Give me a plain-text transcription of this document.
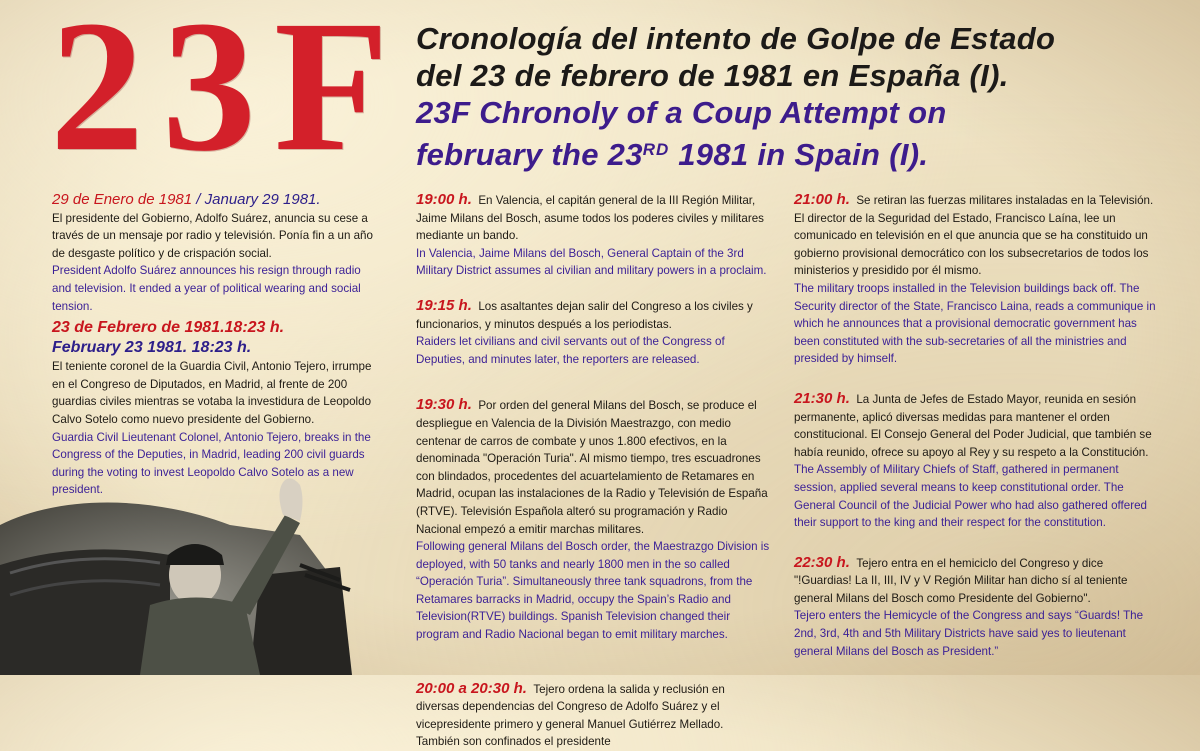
23F Cronología del intento de Golpe de Estado
del 23 de febrero de 1981 en España (I).
23F Chronoly of a Coup Attempt on
february the 23RD 1981 in Spain (I).

29 de Enero de 1981 / January 29 1981.

El presidente del Gobierno, Adolfo Suárez, anuncia su cese a través de un mensaje por radio y televisión. Ponía fin a un año de desgaste político y de crispación social.

President Adolfo Suárez announces his resign through radio and television. It ended a year of political wearing and social tension.

23 de Febrero de 1981.18:23 h.

February 23 1981. 18:23 h.

El teniente coronel de la Guardia Civil, Antonio Tejero, irrumpe en el Congreso de Diputados, en Madrid, al frente de 200 guardias civiles mientras se votaba la investidura de Leopoldo Calvo Sotelo como nuevo presidente del Gobierno.

Guardia Civil Lieutenant Colonel, Antonio Tejero, breaks in the Congress of the Deputies, in Madrid, leading 200 civil guards during the voting to invest Leopoldo Calvo Sotelo as a new president.

19:00 h. En Valencia, el capitán general de la III Región Militar, Jaime Milans del Bosch, asume todos los poderes civiles y militares mediante un bando.

In Valencia, Jaime Milans del Bosch, General Captain of the 3rd Military District assumes al civilian and military powers in a proclaim.

19:15 h. Los asaltantes dejan salir del Congreso a los civiles y funcionarios, y minutos después a los periodistas.

Raiders let civilians and civil servants out of the Congress of Deputies, and minutes later, the reporters are released.

19:30 h. Por orden del general Milans del Bosch, se produce el despliegue en Valencia de la División Maestrazgo, con medio centenar de carros de combate y unos 1.800 efectivos, en la denominada "Operación Turia". Al mismo tiempo, tres escuadrones con blindados, procedentes del acuartelamiento de Retamares en Madrid, ocupan las instalaciones de la Radio y Televisión de España (RTVE). Televisión Española alteró su programación y Radio Nacional empezó a emitir marchas militares.

Following general Milans del Bosch order, the Maestrazgo Division is deployed, with 50 tanks and nearly 1800 men in the so called “Operación Turia”. Simultaneously three tank squadrons, from the Retamares barracks in Madrid, occupy the Spain’s Radio and Television(RTVE) buildings. Spanish Television changed their program and Radio Nacional began to emit military marches.

20:00 a 20:30 h. Tejero ordena la salida y reclusión en diversas dependencias del Congreso de Adolfo Suárez y el vicepresidente primero y general Manuel Gutiérrez Mellado. También son confinados el presidente

21:00 h. Se retiran las fuerzas militares instaladas en la Televisión. El director de la Seguridad del Estado, Francisco Laína, lee un comunicado en televisión en el que anuncia que se ha constituido un gobierno provisional democrático con los subsecretarios de todos los ministerios y presidido por él mismo.

The military troops installed in the Television buildings back off. The Security director of the State, Francisco Laina, reads a communique in which he announces that a provisional democratic government has been constituted with the sub-secretaries of all the ministries and presided by himself.

21:30 h. La Junta de Jefes de Estado Mayor, reunida en sesión permanente, aplicó diversas medidas para mantener el orden constitucional. El Consejo General del Poder Judicial, que también se había reunido, ofrece su apoyo al Rey y su respeto a la Constitución.

The Assembly of Military Chiefs of Staff, gathered in permanent session, applied several means to keep constitutional order. The General Council of the Judicial Power who had also gathered offered their support to the king and their respect for the constitution.

22:30 h. Tejero entra en el hemiciclo del Congreso y dice "!Guardias! La II, III, IV y V Región Militar han dicho sí al teniente general Milans del Bosch como Presidente del Gobierno".

Tejero enters the Hemicycle of the Congress and says “Guards! The 2nd, 3rd, 4th and 5th Military Districts have said yes to lieutenant general Milans del Bosch as President.”
